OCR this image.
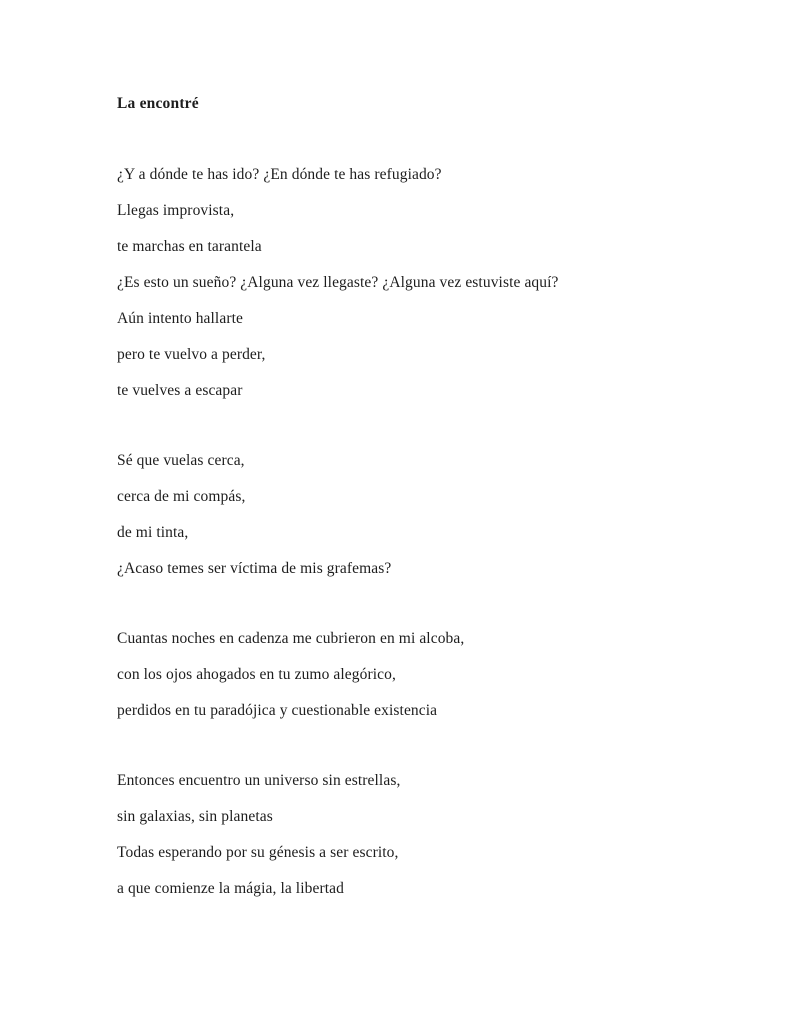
La encontré

¿Y a dónde te has ido? ¿En dónde te has refugiado?

Llegas improvista,

te marchas en tarantela

¿Es esto un sueño? ¿Alguna vez llegaste? ¿Alguna vez estuviste aquí?

Aún intento hallarte

pero te vuelvo a perder,

te vuelves a escapar

Sé que vuelas cerca,

cerca de mi compás,

de mi tinta,

¿Acaso temes ser víctima de mis grafemas?

Cuantas noches en cadenza me cubrieron en mi alcoba,

con los ojos ahogados en tu zumo alegórico,

perdidos en tu paradójica y cuestionable existencia

Entonces encuentro un universo sin estrellas,

sin galaxias, sin planetas

Todas esperando por su génesis a ser escrito,

a que comienze la mágia, la libertad
